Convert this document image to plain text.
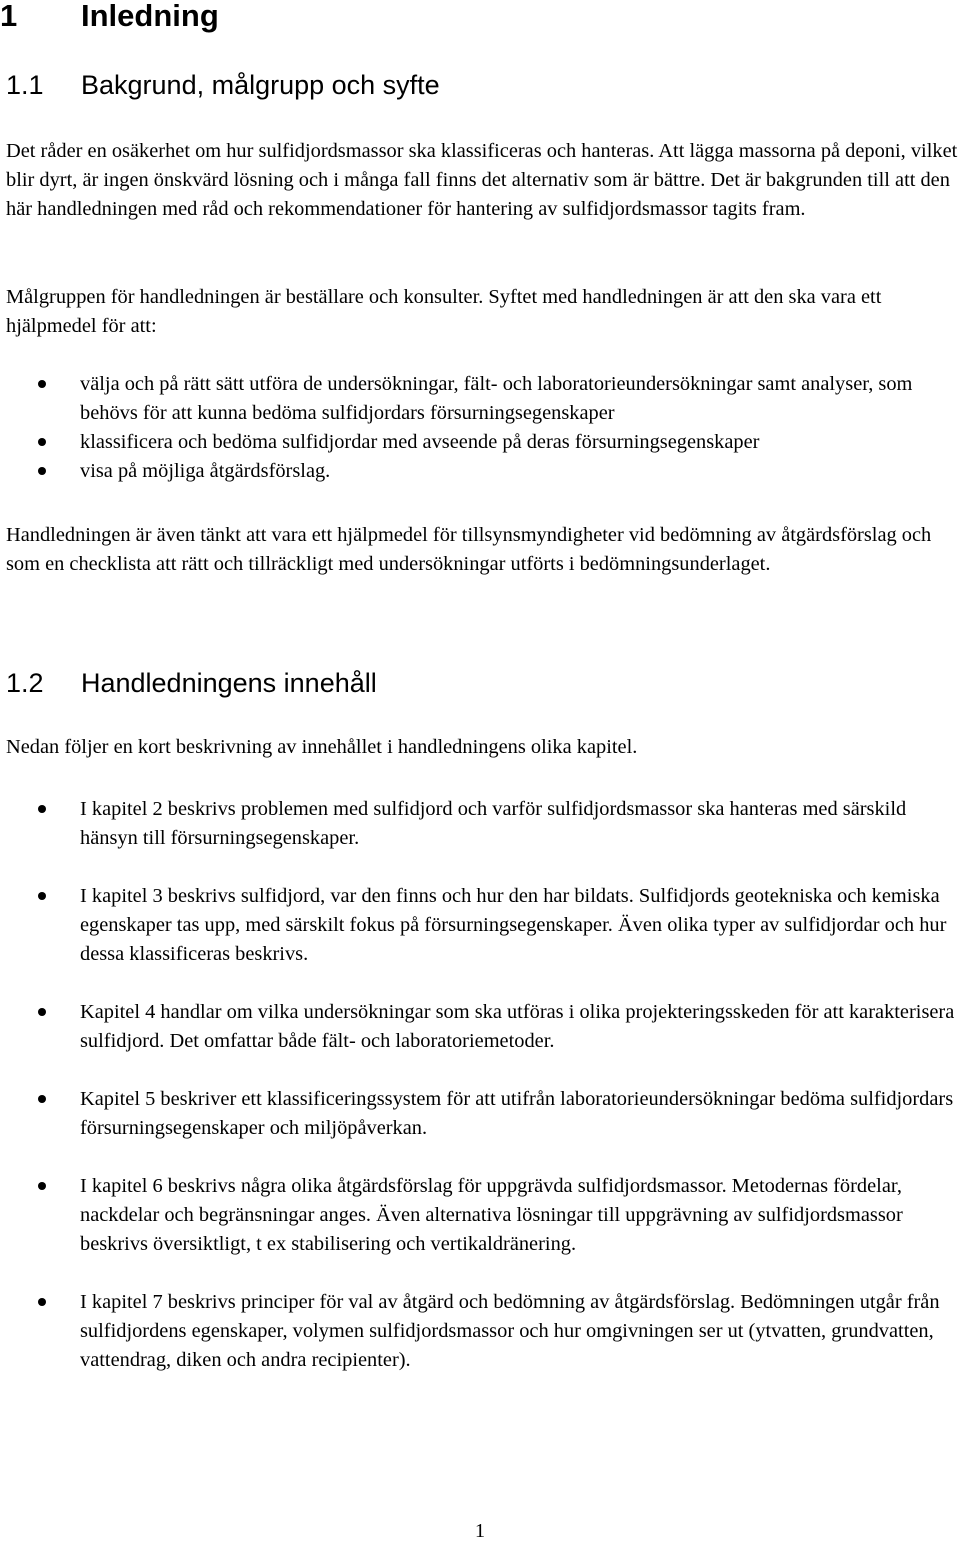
1 Inledning
1.1 Bakgrund, målgrupp och syfte

Det råder en osäkerhet om hur sulfidjordsmassor ska klassificeras och hanteras. Att lägga massorna på deponi, vilket blir dyrt, är ingen önskvärd lösning och i många fall finns det alternativ som är bättre. Det är bakgrunden till att den här handledningen med råd och rekommendationer för hantering av sulfidjordsmassor tagits fram.

Målgruppen för handledningen är beställare och konsulter. Syftet med handledningen är att den ska vara ett hjälpmedel för att:

välja och på rätt sätt utföra de undersökningar, fält- och laboratorieundersökningar samt analyser, som behövs för att kunna bedöma sulfidjordars försurningsegenskaper
klassificera och bedöma sulfidjordar med avseende på deras försurningsegenskaper
visa på möjliga åtgärdsförslag.

Handledningen är även tänkt att vara ett hjälpmedel för tillsynsmyndigheter vid bedömning av åtgärdsförslag och som en checklista att rätt och tillräckligt med undersökningar utförts i bedömningsunderlaget.

1.2 Handledningens innehåll

Nedan följer en kort beskrivning av innehållet i handledningens olika kapitel.

I kapitel 2 beskrivs problemen med sulfidjord och varför sulfidjordsmassor ska hanteras med särskild hänsyn till försurningsegenskaper.
I kapitel 3 beskrivs sulfidjord, var den finns och hur den har bildats. Sulfidjords geotekniska och kemiska egenskaper tas upp, med särskilt fokus på försurningsegenskaper. Även olika typer av sulfidjordar och hur dessa klassificeras beskrivs.
Kapitel 4 handlar om vilka undersökningar som ska utföras i olika projekteringsskeden för att karakterisera sulfidjord. Det omfattar både fält- och laboratoriemetoder.
Kapitel 5 beskriver ett klassificeringssystem för att utifrån laboratorieundersökningar bedöma sulfidjordars försurningsegenskaper och miljöpåverkan.
I kapitel 6 beskrivs några olika åtgärdsförslag för uppgrävda sulfidjordsmassor. Metodernas fördelar, nackdelar och begränsningar anges. Även alternativa lösningar till uppgrävning av sulfidjordsmassor beskrivs översiktligt, t ex stabilisering och vertikaldränering.
I kapitel 7 beskrivs principer för val av åtgärd och bedömning av åtgärdsförslag. Bedömningen utgår från sulfidjordens egenskaper, volymen sulfidjordsmassor och hur omgivningen ser ut (ytvatten, grundvatten, vattendrag, diken och andra recipienter).
1
